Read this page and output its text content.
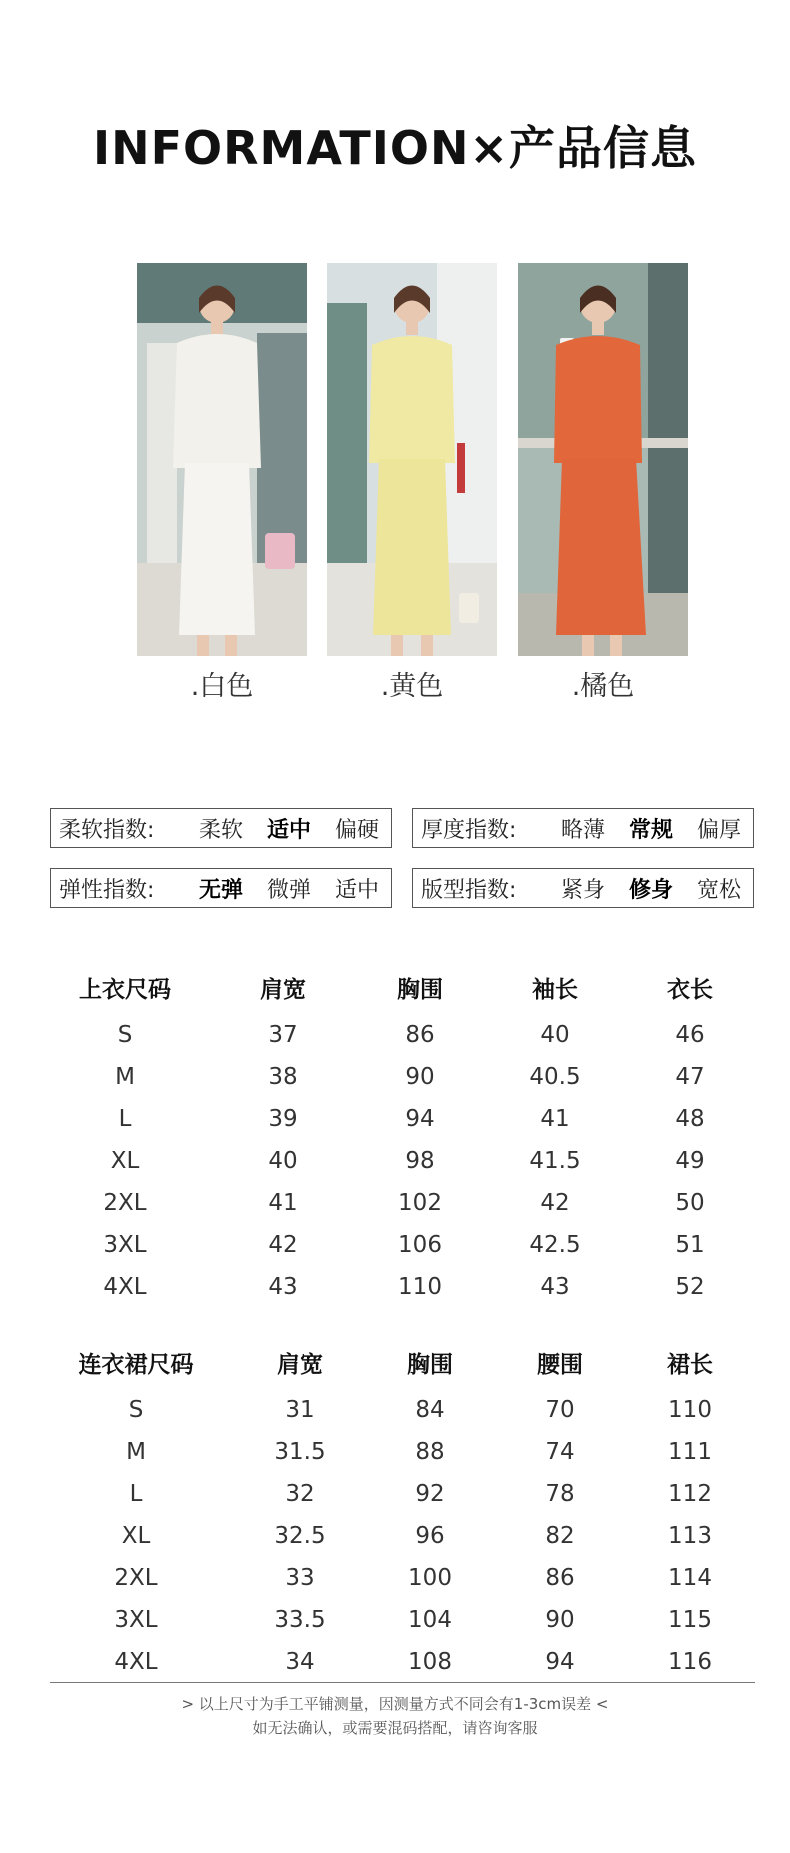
INFORMATION×产品信息
.白色	.黄色	.橘色
柔软指数:	柔软	适中	偏硬	厚度指数:	略薄	常规	偏厚
弹性指数:	无弹	微弹	适中	版型指数:	紧身	修身	宽松
上衣尺码	肩宽	胸围	袖长	衣长
S	37	86	40	46
M	38	90	40.5	47
L	39	94	41	48
XL	40	98	41.5	49
2XL	41	102	42	50
3XL	42	106	42.5	51
4XL	43	110	43	52
连衣裙尺码	肩宽	胸围	腰围	裙长
S	31	84	70	110
M	31.5	88	74	111
L	32	92	78	112
XL	32.5	96	82	113
2XL	33	100	86	114
3XL	33.5	104	90	115
4XL	34	108	94	116
> 以上尺寸为手工平铺测量，因测量方式不同会有1-3cm误差 <
如无法确认，或需要混码搭配，请咨询客服
